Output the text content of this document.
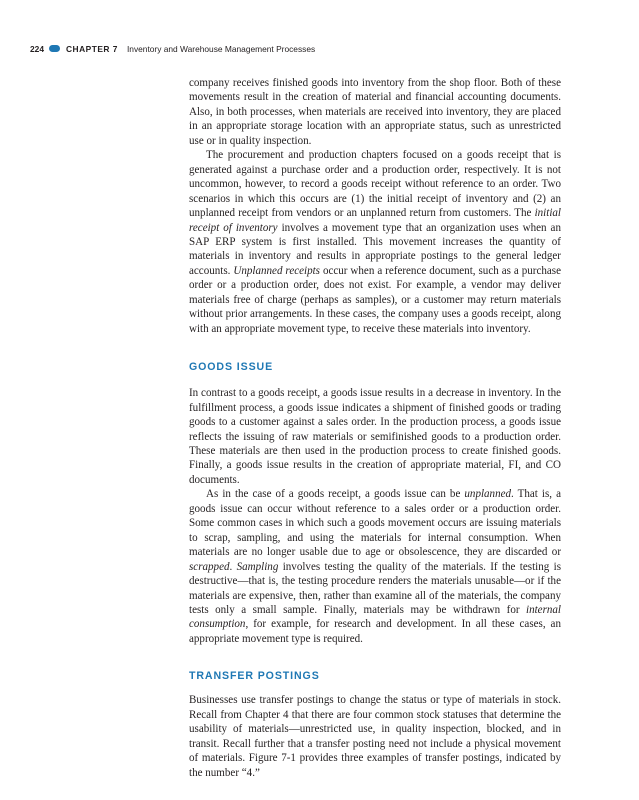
224	CHAPTER 7 Inventory and Warehouse Management Processes

company receives finished goods into inventory from the shop floor. Both of these movements result in the creation of material and financial accounting documents. Also, in both processes, when materials are received into inventory, they are placed in an appropriate storage location with an appropriate status, such as unrestricted use or in quality inspection.

The procurement and production chapters focused on a goods receipt that is generated against a purchase order and a production order, respectively. It is not uncommon, however, to record a goods receipt without reference to an order. Two scenarios in which this occurs are (1) the initial receipt of inventory and (2) an unplanned receipt from vendors or an unplanned return from customers. The initial receipt of inventory involves a movement type that an organization uses when an SAP ERP system is first installed. This movement increases the quantity of materials in inventory and results in appropriate postings to the general ledger accounts. Unplanned receipts occur when a reference document, such as a purchase order or a production order, does not exist. For example, a vendor may deliver materials free of charge (perhaps as samples), or a customer may return materials without prior arrangements. In these cases, the company uses a goods receipt, along with an appropriate movement type, to receive these materials into inventory.

GOODS ISSUE

In contrast to a goods receipt, a goods issue results in a decrease in inventory. In the fulfillment process, a goods issue indicates a shipment of finished goods or trading goods to a customer against a sales order. In the production process, a goods issue reflects the issuing of raw materials or semifinished goods to a production order. These materials are then used in the production process to create finished goods. Finally, a goods issue results in the creation of appropriate material, FI, and CO documents.

As in the case of a goods receipt, a goods issue can be unplanned. That is, a goods issue can occur without reference to a sales order or a production order. Some common cases in which such a goods movement occurs are issuing materials to scrap, sampling, and using the materials for internal consumption. When materials are no longer usable due to age or obsolescence, they are discarded or scrapped. Sampling involves testing the quality of the materials. If the testing is destructive—that is, the testing procedure renders the materials unusable—or if the materials are expensive, then, rather than examine all of the materials, the company tests only a small sample. Finally, materials may be withdrawn for internal consumption, for example, for research and development. In all these cases, an appropriate movement type is required.

TRANSFER POSTINGS

Businesses use transfer postings to change the status or type of materials in stock. Recall from Chapter 4 that there are four common stock statuses that determine the usability of materials—unrestricted use, in quality inspection, blocked, and in transit. Recall further that a transfer posting need not include a physical movement of materials. Figure 7-1 provides three examples of transfer postings, indicated by the number “4.”
